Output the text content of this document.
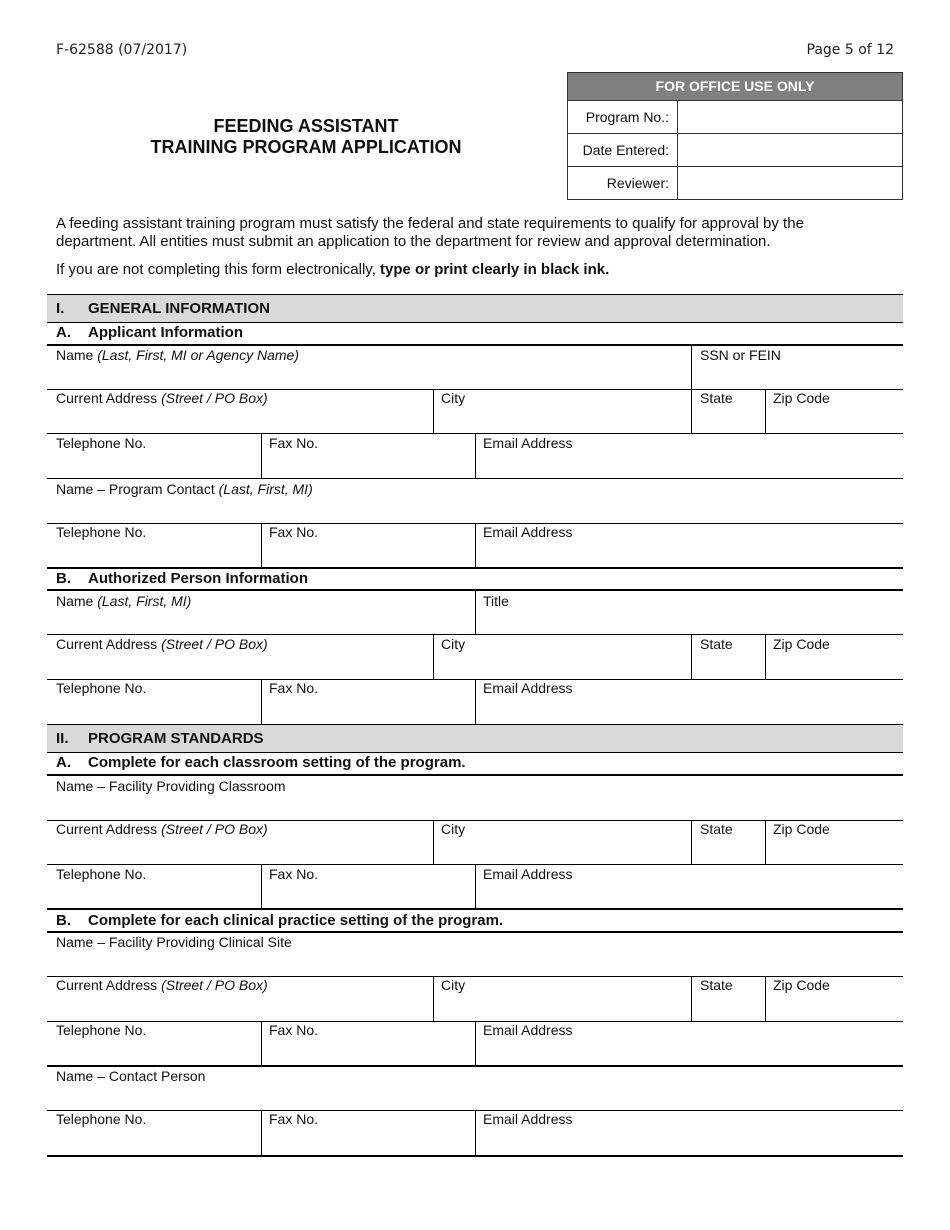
F-62588 (07/2017)	Page 5 of 12
FEEDING ASSISTANT
TRAINING PROGRAM APPLICATION
FOR OFFICE USE ONLY
Program No.:
Date Entered:
Reviewer:
A feeding assistant training program must satisfy the federal and state requirements to qualify for approval by the department. All entities must submit an application to the department for review and approval determination.
If you are not completing this form electronically, type or print clearly in black ink.
I. GENERAL INFORMATION
A. Applicant Information
Name (Last, First, MI or Agency Name)	SSN or FEIN
Current Address (Street / PO Box)	City	State	Zip Code
Telephone No.	Fax No.	Email Address
Name – Program Contact (Last, First, MI)
Telephone No.	Fax No.	Email Address
B. Authorized Person Information
Name (Last, First, MI)	Title
Current Address (Street / PO Box)	City	State	Zip Code
Telephone No.	Fax No.	Email Address
II. PROGRAM STANDARDS
A. Complete for each classroom setting of the program.
Name – Facility Providing Classroom
Current Address (Street / PO Box)	City	State	Zip Code
Telephone No.	Fax No.	Email Address
B. Complete for each clinical practice setting of the program.
Name – Facility Providing Clinical Site
Current Address (Street / PO Box)	City	State	Zip Code
Telephone No.	Fax No.	Email Address
Name – Contact Person
Telephone No.	Fax No.	Email Address
